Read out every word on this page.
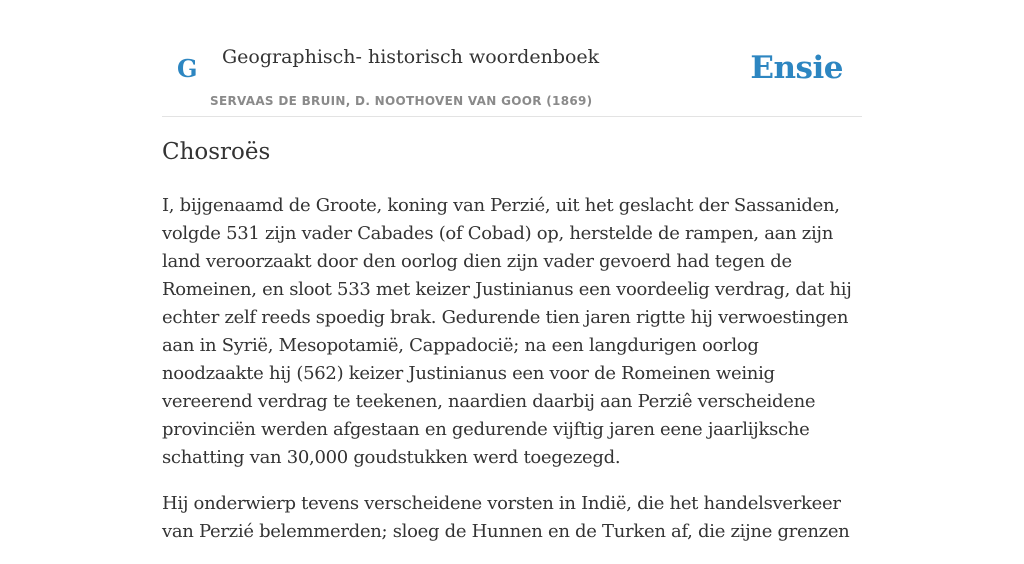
G Geographisch- historisch woordenboek
SERVAAS DE BRUIN, D. NOOTHOVEN VAN GOOR (1869)
Ensie
Chosroës

I, bijgenaamd de Groote, koning van Perzié, uit het geslacht der Sassaniden, volgde 531 zijn vader Cabades (of Cobad) op, herstelde de rampen, aan zijn land veroorzaakt door den oorlog dien zijn vader gevoerd had tegen de Romeinen, en sloot 533 met keizer Justinianus een voordeelig verdrag, dat hij echter zelf reeds spoedig brak. Gedurende tien jaren rigtte hij verwoestingen aan in Syrië, Mesopotamië, Cappadocië; na een langdurigen oorlog noodzaakte hij (562) keizer Justinianus een voor de Romeinen weinig vereerend verdrag te teekenen, naardien daarbij aan Perziê verscheidene provinciën werden afgestaan en gedurende vijftig jaren eene jaarlijksche schatting van 30,000 goudstukken werd toegezegd.

Hij onderwierp tevens verscheidene vorsten in Indië, die het handelsverkeer van Perzié belemmerden; sloeg de Hunnen en de Turken af, die zijne grenzen
